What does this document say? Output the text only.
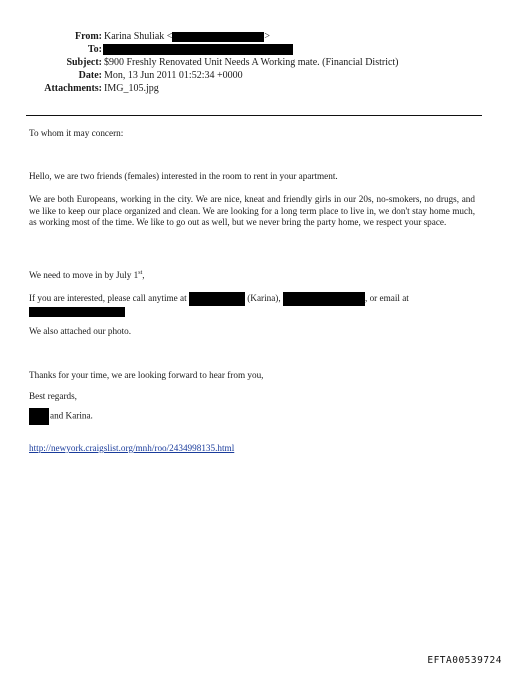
From: Karina Shuliak <	>
To:
Subject: $900 Freshly Renovated Unit Needs A Working mate. (Financial District)
Date: Mon, 13 Jun 2011 01:52:34 +0000
Attachments: IMG_105.jpg

To whom it may concern:

Hello, we are two friends (females) interested in the room to rent in your apartment.

We are both Europeans, working in the city. We are nice, kneat and friendly girls in our 20s, no-smokers, no drugs, and we like to keep our place organized and clean. We are looking for a long term place to live in, we don't stay home much, as working most of the time. We like to go out as well, but we never bring the party home, we respect your space.

We need to move in by July 1st,

If you are interested, please call anytime at	(Karina),	, or email at

We also attached our photo.

Thanks for your time, we are looking forward to hear from you,

Best regards,

and Karina.

http://newyork.craigslist.org/mnh/roo/2434998135.html

EFTA00539724
